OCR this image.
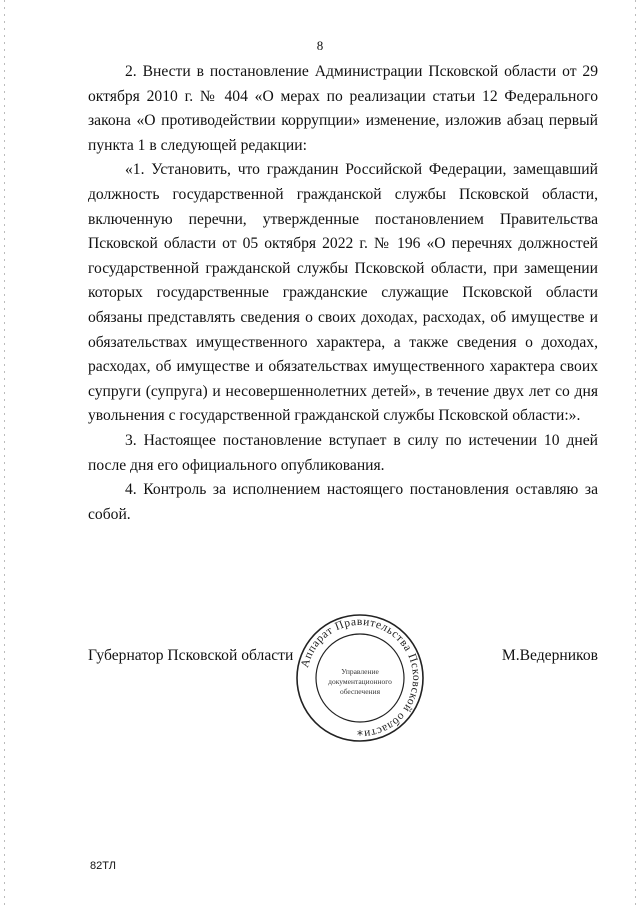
8

2. Внести в постановление Администрации Псковской области от 29 октября 2010 г. № 404 «О мерах по реализации статьи 12 Федерального закона «О противодействии коррупции» изменение, изложив абзац первый пункта 1 в следующей редакции:

«1. Установить, что гражданин Российской Федерации, замещавший должность государственной гражданской службы Псковской области, включенную перечни, утвержденные постановлением Правительства Псковской области от 05 октября 2022 г. № 196 «О перечнях должностей государственной гражданской службы Псковской области, при замещении которых государственные гражданские служащие Псковской области обязаны представлять сведения о своих доходах, расходах, об имуществе и обязательствах имущественного характера, а также сведения о доходах, расходах, об имуществе и обязательствах имущественного характера своих супруги (супруга) и несовершеннолетних детей», в течение двух лет со дня увольнения с государственной гражданской службы Псковской области:».

3. Настоящее постановление вступает в силу по истечении 10 дней после дня его официального опубликования.

4. Контроль за исполнением настоящего постановления оставляю за собой.

Губернатор Псковской области	М.Ведерников
Аппарат Правительства Псковской области
Управление
документационного
обеспечения
*
82ТЛ
